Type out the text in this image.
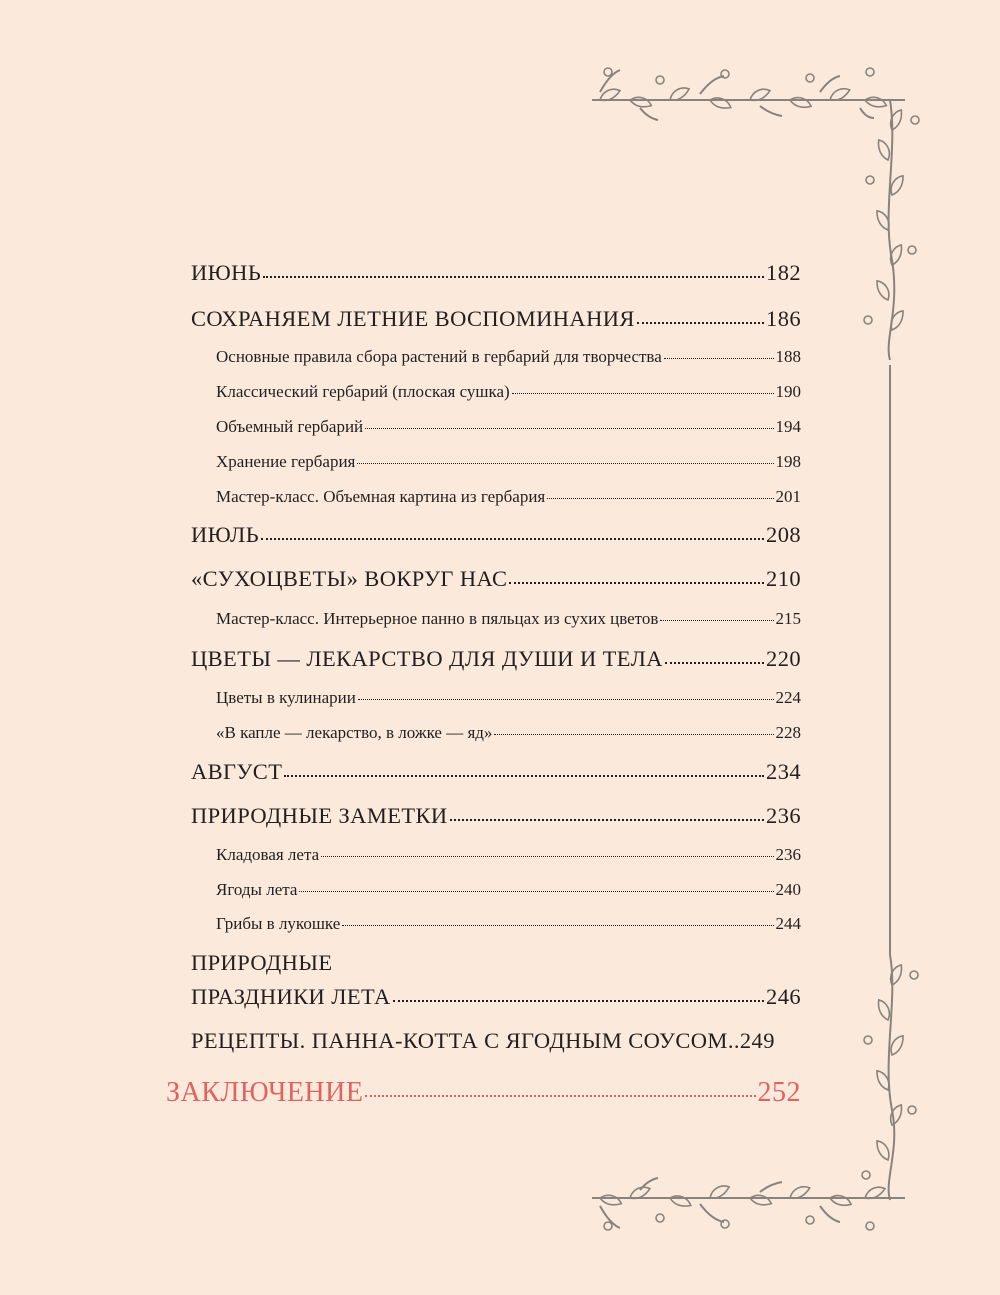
ИЮНЬ	182
СОХРАНЯЕМ ЛЕТНИЕ ВОСПОМИНАНИЯ	186
Основные правила сбора растений в гербарий для творчества	188
Классический гербарий (плоская сушка)	190
Объемный гербарий	194
Хранение гербария	198
Мастер-класс. Объемная картина из гербария	201
ИЮЛЬ	208
«СУХОЦВЕТЫ» ВОКРУГ НАС	210
Мастер-класс. Интерьерное панно в пяльцах из сухих цветов	215
ЦВЕТЫ — ЛЕКАРСТВО ДЛЯ ДУШИ И ТЕЛА	220
Цветы в кулинарии	224
«В капле — лекарство, в ложке — яд»	228
АВГУСТ	234
ПРИРОДНЫЕ ЗАМЕТКИ	236
Кладовая лета	236
Ягоды лета	240
Грибы в лукошке	244
ПРИРОДНЫЕ
ПРАЗДНИКИ ЛЕТА	246
РЕЦЕПТЫ. ПАННА-КОТТА С ЯГОДНЫМ СОУСОМ.. 249
ЗАКЛЮЧЕНИЕ	252
